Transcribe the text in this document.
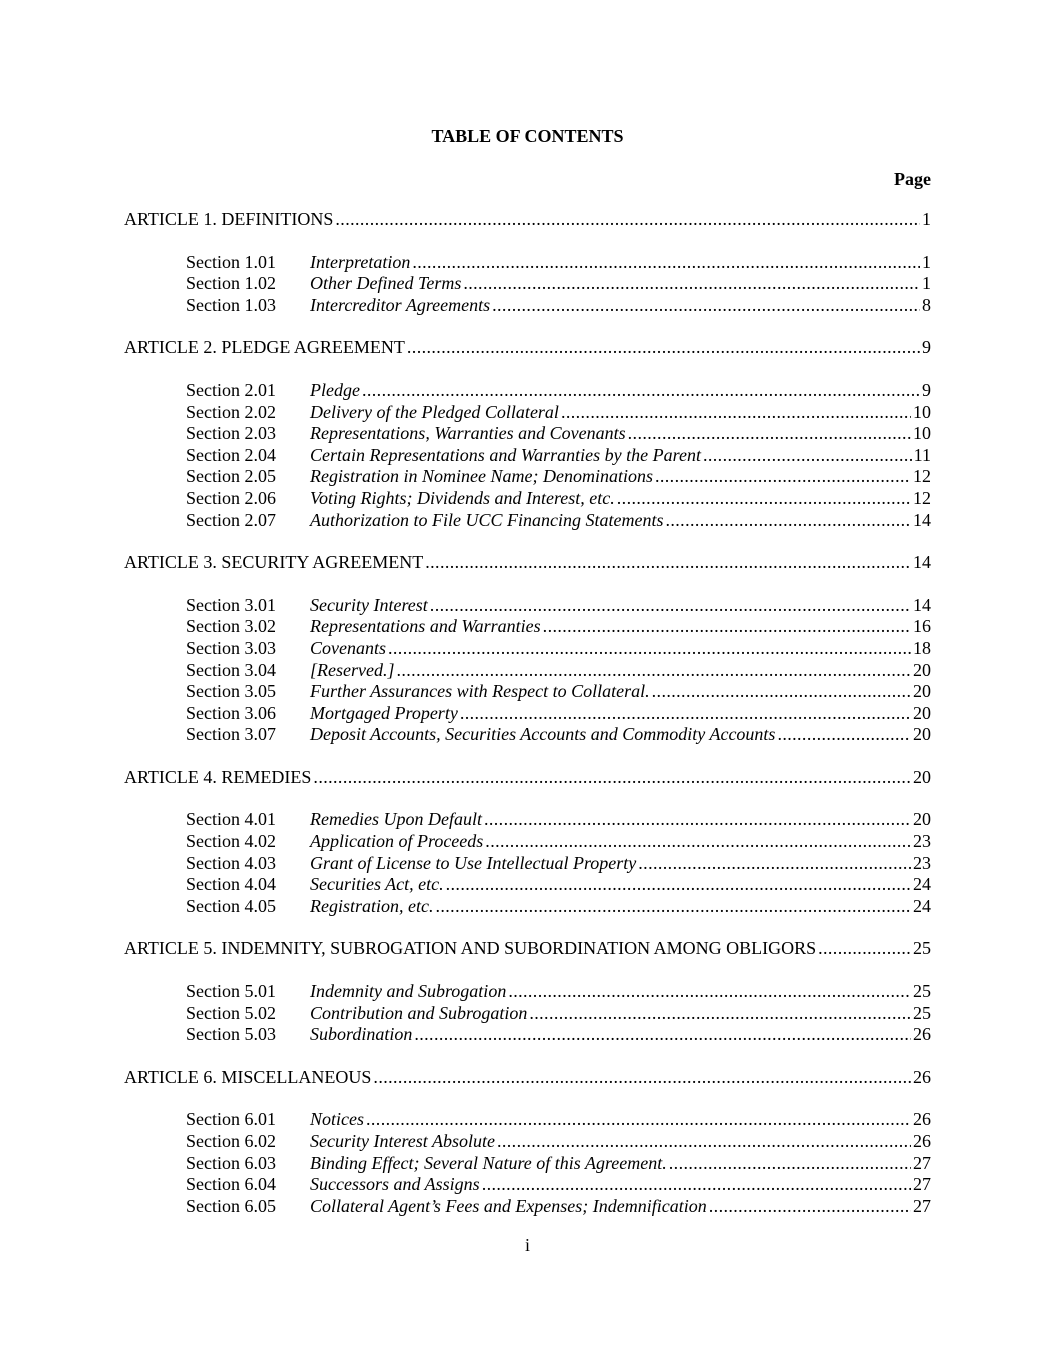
TABLE OF CONTENTS
Page
ARTICLE 1. DEFINITIONS .....	1
Section 1.01	Interpretation .....	1
Section 1.02	Other Defined Terms .....	1
Section 1.03	Intercreditor Agreements .....	8
ARTICLE 2. PLEDGE AGREEMENT .....	9
Section 2.01	Pledge .....	9
Section 2.02	Delivery of the Pledged Collateral .....	10
Section 2.03	Representations, Warranties and Covenants .....	10
Section 2.04	Certain Representations and Warranties by the Parent .....	11
Section 2.05	Registration in Nominee Name; Denominations .....	12
Section 2.06	Voting Rights; Dividends and Interest, etc. .....	12
Section 2.07	Authorization to File UCC Financing Statements .....	14
ARTICLE 3. SECURITY AGREEMENT .....	14
Section 3.01	Security Interest .....	14
Section 3.02	Representations and Warranties .....	16
Section 3.03	Covenants .....	18
Section 3.04	[Reserved.] .....	20
Section 3.05	Further Assurances with Respect to Collateral. .....	20
Section 3.06	Mortgaged Property .....	20
Section 3.07	Deposit Accounts, Securities Accounts and Commodity Accounts .....	20
ARTICLE 4. REMEDIES .....	20
Section 4.01	Remedies Upon Default .....	20
Section 4.02	Application of Proceeds .....	23
Section 4.03	Grant of License to Use Intellectual Property .....	23
Section 4.04	Securities Act, etc. .....	24
Section 4.05	Registration, etc. .....	24
ARTICLE 5. INDEMNITY, SUBROGATION AND SUBORDINATION AMONG OBLIGORS .....	25
Section 5.01	Indemnity and Subrogation .....	25
Section 5.02	Contribution and Subrogation .....	25
Section 5.03	Subordination .....	26
ARTICLE 6. MISCELLANEOUS .....	26
Section 6.01	Notices .....	26
Section 6.02	Security Interest Absolute .....	26
Section 6.03	Binding Effect; Several Nature of this Agreement. .....	27
Section 6.04	Successors and Assigns .....	27
Section 6.05	Collateral Agent’s Fees and Expenses; Indemnification .....	27
i
